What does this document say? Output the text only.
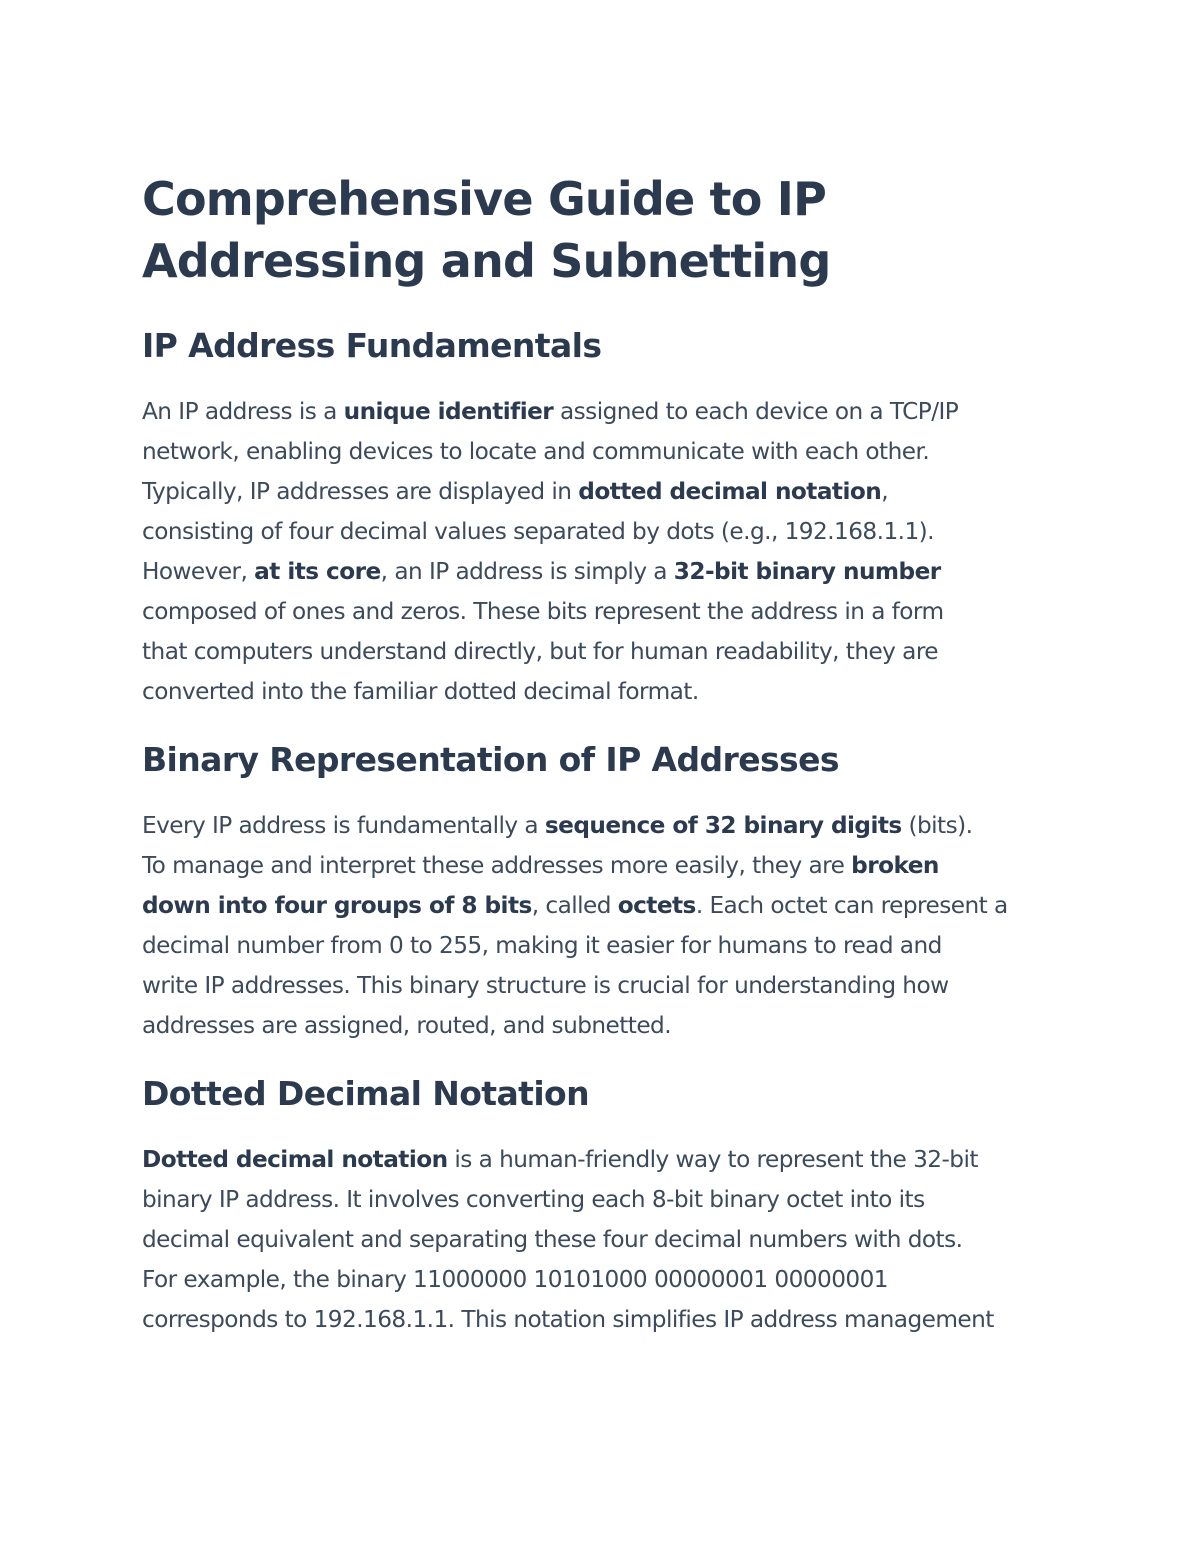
Comprehensive Guide to IP Addressing and Subnetting
IP Address Fundamentals

An IP address is a unique identifier assigned to each device on a TCP/IP
network, enabling devices to locate and communicate with each other.
Typically, IP addresses are displayed in dotted decimal notation,
consisting of four decimal values separated by dots (e.g., 192.168.1.1).
However, at its core, an IP address is simply a 32-bit binary number
composed of ones and zeros. These bits represent the address in a form
that computers understand directly, but for human readability, they are
converted into the familiar dotted decimal format.

Binary Representation of IP Addresses

Every IP address is fundamentally a sequence of 32 binary digits (bits).
To manage and interpret these addresses more easily, they are broken
down into four groups of 8 bits, called octets. Each octet can represent a
decimal number from 0 to 255, making it easier for humans to read and
write IP addresses. This binary structure is crucial for understanding how
addresses are assigned, routed, and subnetted.

Dotted Decimal Notation

Dotted decimal notation is a human-friendly way to represent the 32-bit
binary IP address. It involves converting each 8-bit binary octet into its
decimal equivalent and separating these four decimal numbers with dots.
For example, the binary 11000000 10101000 00000001 00000001
corresponds to 192.168.1.1. This notation simplifies IP address management
